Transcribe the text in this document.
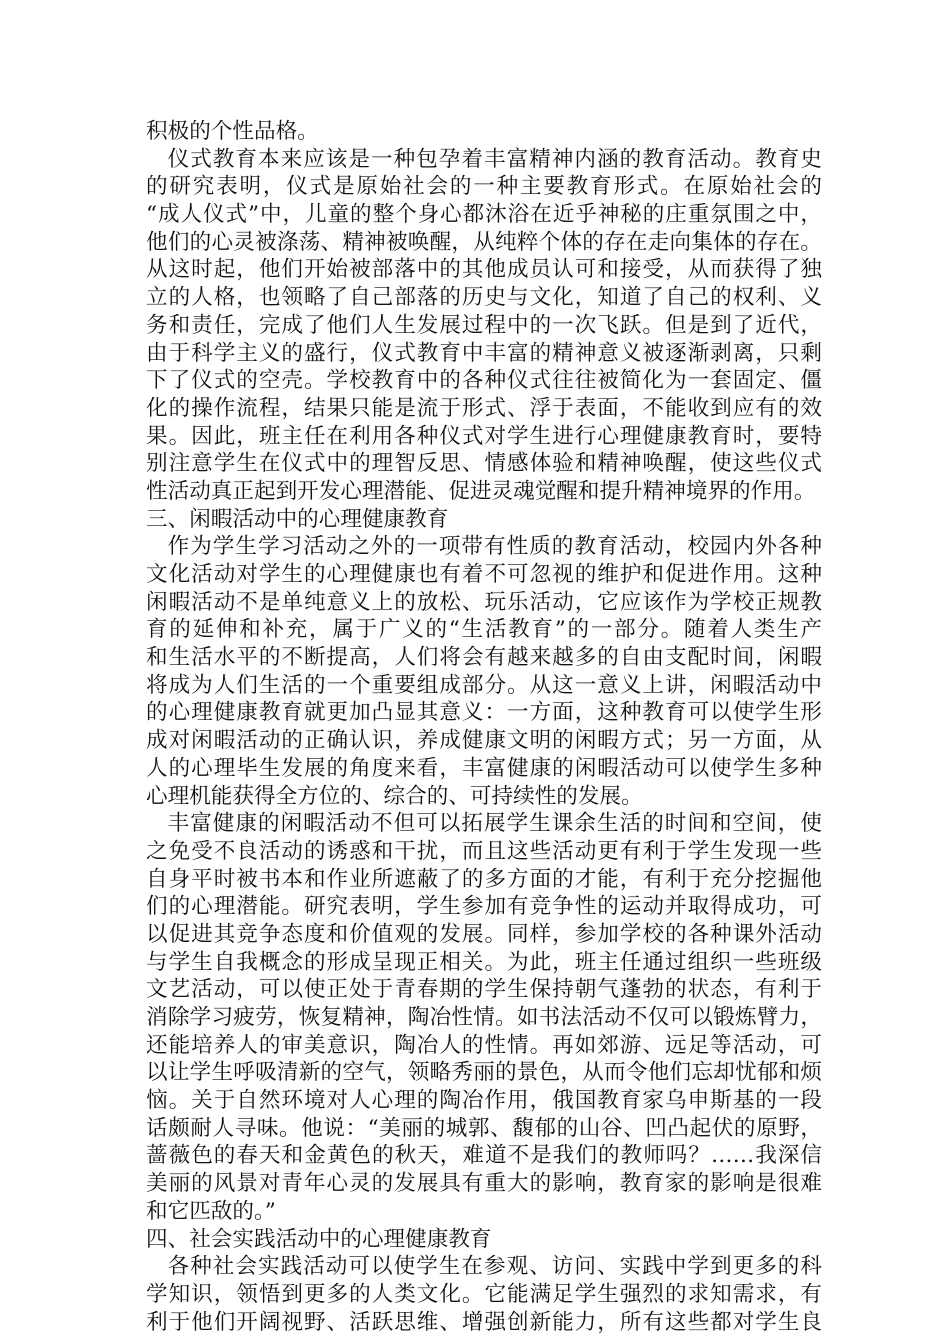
积极的个性品格。
仪式教育本来应该是一种包孕着丰富精神内涵的教育活动。教育史
的研究表明，仪式是原始社会的一种主要教育形式。在原始社会的
“成人仪式”中，儿童的整个身心都沐浴在近乎神秘的庄重氛围之中，
他们的心灵被涤荡、精神被唤醒，从纯粹个体的存在走向集体的存在。
从这时起，他们开始被部落中的其他成员认可和接受，从而获得了独
立的人格，也领略了自己部落的历史与文化，知道了自己的权利、义
务和责任，完成了他们人生发展过程中的一次飞跃。但是到了近代，
由于科学主义的盛行，仪式教育中丰富的精神意义被逐渐剥离，只剩
下了仪式的空壳。学校教育中的各种仪式往往被简化为一套固定、僵
化的操作流程，结果只能是流于形式、浮于表面，不能收到应有的效
果。因此，班主任在利用各种仪式对学生进行心理健康教育时，要特
别注意学生在仪式中的理智反思、情感体验和精神唤醒，使这些仪式
性活动真正起到开发心理潜能、促进灵魂觉醒和提升精神境界的作用。
三、闲暇活动中的心理健康教育
作为学生学习活动之外的一项带有性质的教育活动，校园内外各种
文化活动对学生的心理健康也有着不可忽视的维护和促进作用。这种
闲暇活动不是单纯意义上的放松、玩乐活动，它应该作为学校正规教
育的延伸和补充，属于广义的“生活教育”的一部分。随着人类生产
和生活水平的不断提高，人们将会有越来越多的自由支配时间，闲暇
将成为人们生活的一个重要组成部分。从这一意义上讲，闲暇活动中
的心理健康教育就更加凸显其意义：一方面，这种教育可以使学生形
成对闲暇活动的正确认识，养成健康文明的闲暇方式；另一方面，从
人的心理毕生发展的角度来看，丰富健康的闲暇活动可以使学生多种
心理机能获得全方位的、综合的、可持续性的发展。
丰富健康的闲暇活动不但可以拓展学生课余生活的时间和空间，使
之免受不良活动的诱惑和干扰，而且这些活动更有利于学生发现一些
自身平时被书本和作业所遮蔽了的多方面的才能，有利于充分挖掘他
们的心理潜能。研究表明，学生参加有竞争性的运动并取得成功，可
以促进其竞争态度和价值观的发展。同样，参加学校的各种课外活动
与学生自我概念的形成呈现正相关。为此，班主任通过组织一些班级
文艺活动，可以使正处于青春期的学生保持朝气蓬勃的状态，有利于
消除学习疲劳，恢复精神，陶冶性情。如书法活动不仅可以锻炼臂力，
还能培养人的审美意识，陶冶人的性情。再如郊游、远足等活动，可
以让学生呼吸清新的空气，领略秀丽的景色，从而令他们忘却忧郁和烦
恼。关于自然环境对人心理的陶冶作用，俄国教育家乌申斯基的一段
话颇耐人寻味。他说：“美丽的城郭、馥郁的山谷、凹凸起伏的原野，
蔷薇色的春天和金黄色的秋天，难道不是我们的教师吗？……我深信
美丽的风景对青年心灵的发展具有重大的影响，教育家的影响是很难
和它匹敌的。”
四、社会实践活动中的心理健康教育
各种社会实践活动可以使学生在参观、访问、实践中学到更多的科
学知识，领悟到更多的人类文化。它能满足学生强烈的求知需求，有
利于他们开阔视野、活跃思维、增强创新能力，所有这些都对学生良
